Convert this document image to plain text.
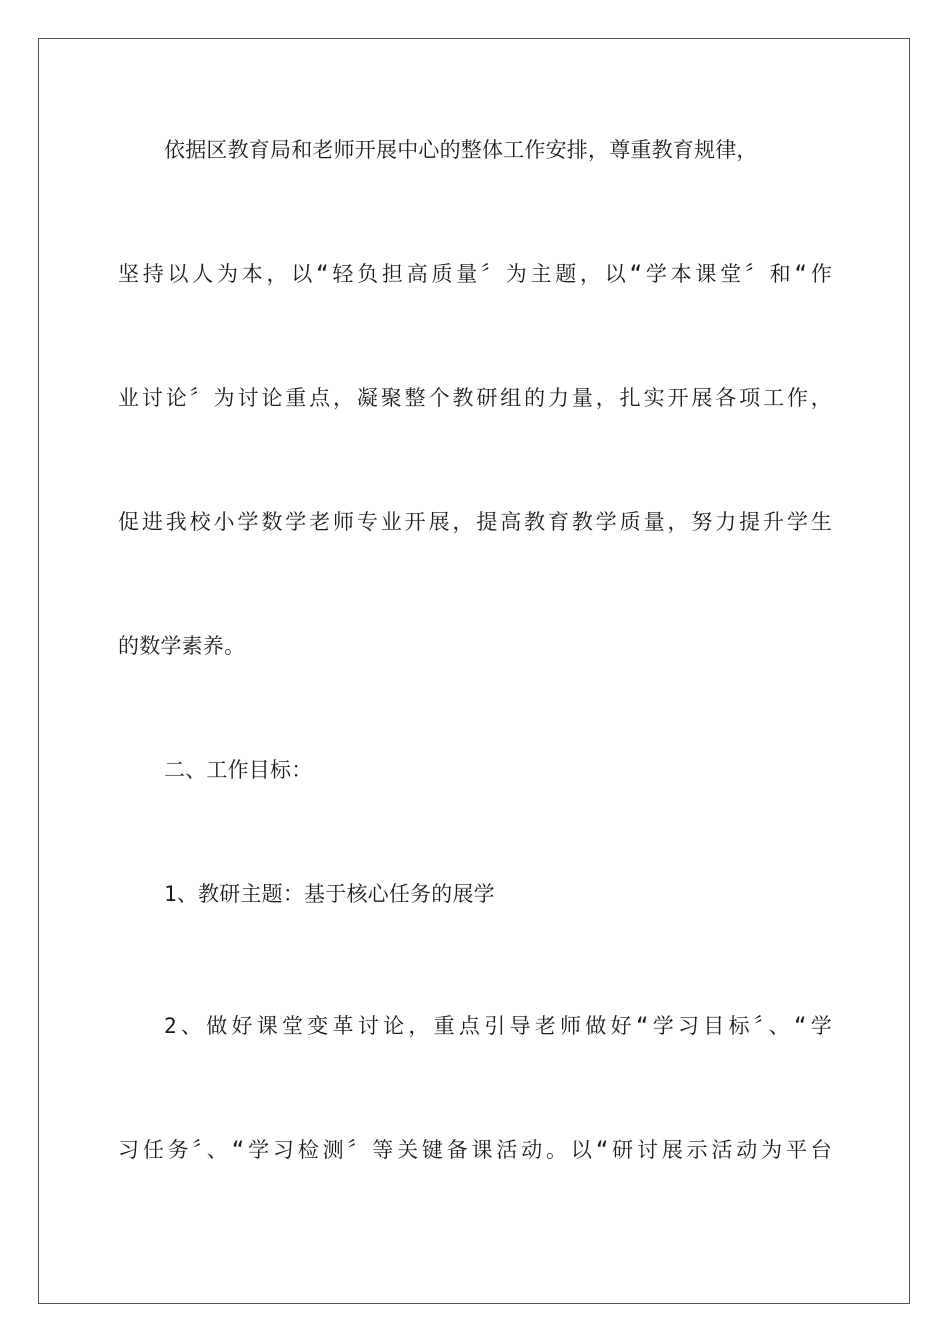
依据区教育局和老师开展中心的整体工作安排，尊重教育规律，
坚持以人为本，以“轻负担高质量〞为主题，以“学本课堂〞和“作
业讨论〞为讨论重点，凝聚整个教研组的力量，扎实开展各项工作，
促进我校小学数学老师专业开展，提高教育教学质量，努力提升学生
的数学素养。
二、工作目标：
1、教研主题：基于核心任务的展学
2、做好课堂变革讨论，重点引导老师做好“学习目标〞、“学
习任务〞、“学习检测〞等关键备课活动。以“研讨展示活动为平台
